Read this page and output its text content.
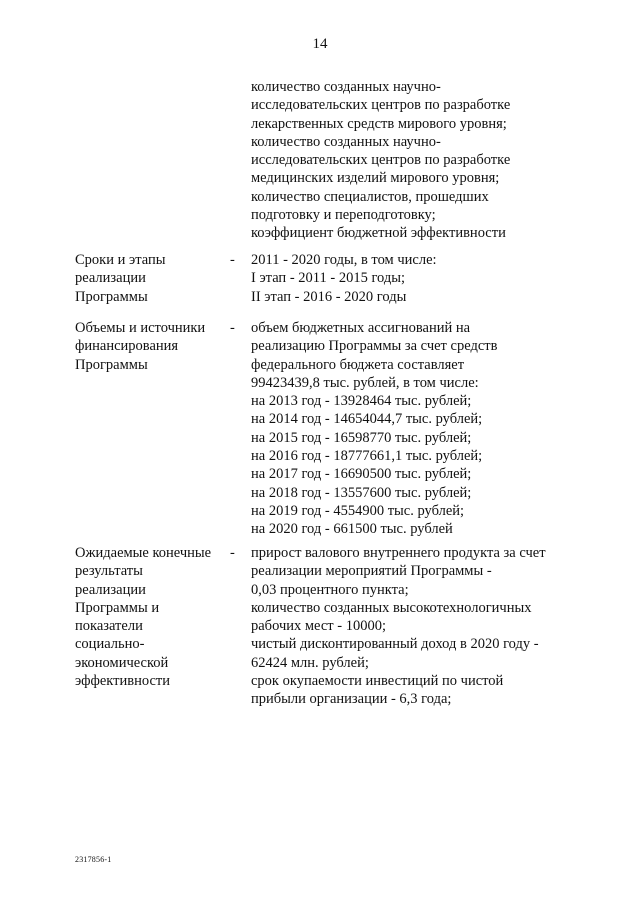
14
количество созданных научно-
исследовательских центров по разработке
лекарственных средств мирового уровня;
количество созданных научно-
исследовательских центров по разработке
медицинских изделий мирового уровня;
количество специалистов, прошедших
подготовку и переподготовку;
коэффициент бюджетной эффективности
Сроки и этапы
реализации
Программы
- 2011 - 2020 годы, в том числе:
I этап - 2011 - 2015 годы;
II этап - 2016 - 2020 годы
Объемы и источники
финансирования
Программы
- объем бюджетных ассигнований на
реализацию Программы за счет средств
федерального бюджета составляет
99423439,8 тыс. рублей, в том числе:
на 2013 год - 13928464 тыс. рублей;
на 2014 год - 14654044,7 тыс. рублей;
на 2015 год - 16598770 тыс. рублей;
на 2016 год - 18777661,1 тыс. рублей;
на 2017 год - 16690500 тыс. рублей;
на 2018 год - 13557600 тыс. рублей;
на 2019 год - 4554900 тыс. рублей;
на 2020 год - 661500 тыс. рублей
Ожидаемые конечные
результаты
реализации
Программы и
показатели
социально-
экономической
эффективности
- прирост валового внутреннего продукта за счет
реализации мероприятий Программы -
0,03 процентного пункта;
количество созданных высокотехнологичных
рабочих мест - 10000;
чистый дисконтированный доход в 2020 году -
62424 млн. рублей;
срок окупаемости инвестиций по чистой
прибыли организации - 6,3 года;
2317856-1
